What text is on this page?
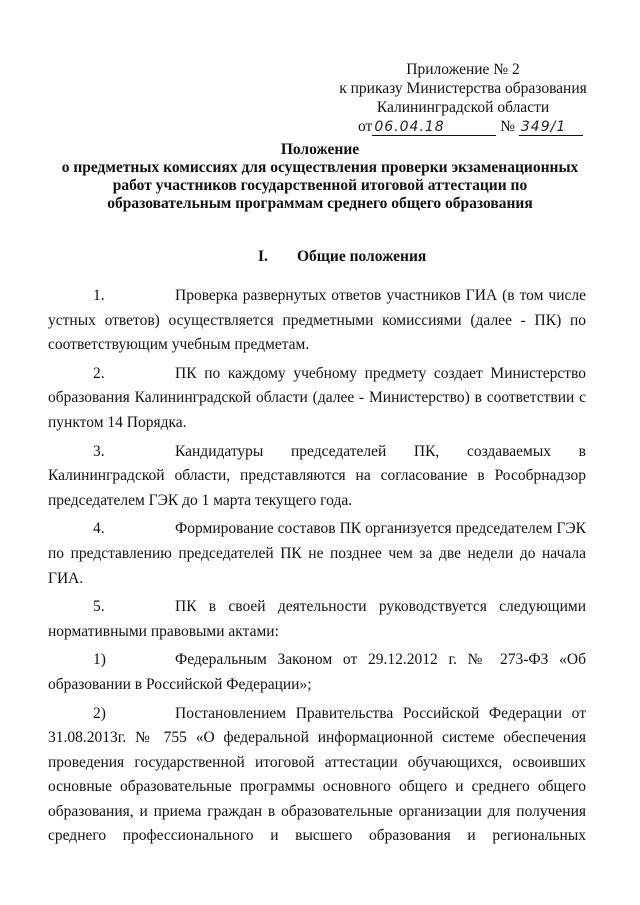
Приложение № 2
к приказу Министерства образования
Калининградской области
от 06.04.18	№ 349/1
Положение
о предметных комиссиях для осуществления проверки экзаменационных
работ участников государственной итоговой аттестации по
образовательным программам среднего общего образования
I. Общие положения

1.	Проверка развернутых ответов участников ГИА (в том числе устных ответов) осуществляется предметными комиссиями (далее - ПК) по соответствующим учебным предметам.

2.	ПК по каждому учебному предмету создает Министерство образования Калининградской области (далее - Министерство) в соответствии с пунктом 14 Порядка.

3.	Кандидатуры председателей ПК, создаваемых в Калининградской области, представляются на согласование в Рособрнадзор председателем ГЭК до 1 марта текущего года.

4.	Формирование составов ПК организуется председателем ГЭК по представлению председателей ПК не позднее чем за две недели до начала ГИА.

5.	ПК в своей деятельности руководствуется следующими нормативными правовыми актами:

1)	Федеральным Законом от 29.12.2012 г. № 273-ФЗ «Об образовании в Российской Федерации»;

2)	Постановлением Правительства Российской Федерации от 31.08.2013г. № 755 «О федеральной информационной системе обеспечения проведения государственной итоговой аттестации обучающихся, освоивших основные образовательные программы основного общего и среднего общего образования, и приема граждан в образовательные организации для получения среднего профессионального и высшего образования и региональных
